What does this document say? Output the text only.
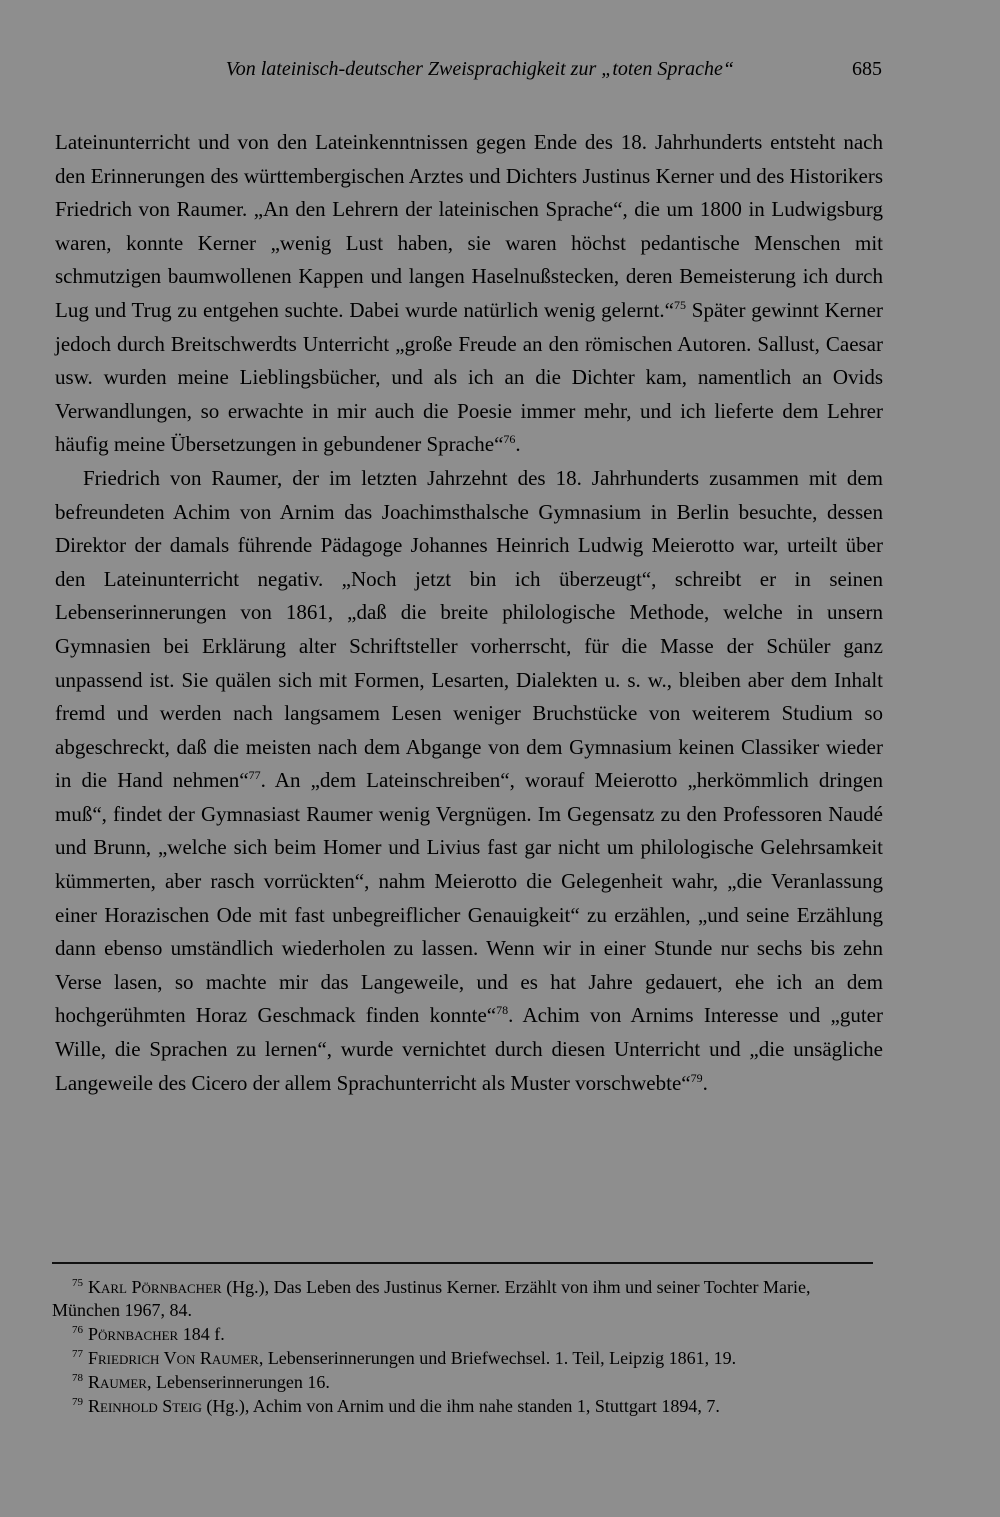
Von lateinisch-deutscher Zweisprachigkeit zur „toten Sprache“	685

Lateinunterricht und von den Lateinkenntnissen gegen Ende des 18. Jahrhunderts entsteht nach den Erinnerungen des württembergischen Arztes und Dichters Justinus Kerner und des Historikers Friedrich von Raumer. „An den Lehrern der lateinischen Sprache“, die um 1800 in Ludwigsburg waren, konnte Kerner „wenig Lust haben, sie waren höchst pedantische Menschen mit schmutzigen baumwollenen Kappen und langen Haselnußstecken, deren Bemeisterung ich durch Lug und Trug zu entgehen suchte. Dabei wurde natürlich wenig gelernt.“$^{75}$ Später gewinnt Kerner jedoch durch Breitschwerdts Unterricht „große Freude an den römischen Autoren. Sallust, Caesar usw. wurden meine Lieblingsbücher, und als ich an die Dichter kam, namentlich an Ovids Verwandlungen, so erwachte in mir auch die Poesie immer mehr, und ich lieferte dem Lehrer häufig meine Übersetzungen in gebundener Sprache“$^{76}$.

Friedrich von Raumer, der im letzten Jahrzehnt des 18. Jahrhunderts zusammen mit dem befreundeten Achim von Arnim das Joachimsthalsche Gymnasium in Berlin besuchte, dessen Direktor der damals führende Pädagoge Johannes Heinrich Ludwig Meierotto war, urteilt über den Lateinunterricht negativ. „Noch jetzt bin ich überzeugt“, schreibt er in seinen Lebenserinnerungen von 1861, „daß die breite philologische Methode, welche in unsern Gymnasien bei Erklärung alter Schriftsteller vorherrscht, für die Masse der Schüler ganz unpassend ist. Sie quälen sich mit Formen, Lesarten, Dialekten u. s. w., bleiben aber dem Inhalt fremd und werden nach langsamem Lesen weniger Bruchstücke von weiterem Studium so abgeschreckt, daß die meisten nach dem Abgange von dem Gymnasium keinen Classiker wieder in die Hand nehmen“$^{77}$. An „dem Lateinschreiben“, worauf Meierotto „herkömmlich dringen muß“, findet der Gymnasiast Raumer wenig Vergnügen. Im Gegensatz zu den Professoren Naudé und Brunn, „welche sich beim Homer und Livius fast gar nicht um philologische Gelehrsamkeit kümmerten, aber rasch vorrückten“, nahm Meierotto die Gelegenheit wahr, „die Veranlassung einer Horazischen Ode mit fast unbegreiflicher Genauigkeit“ zu erzählen, „und seine Erzählung dann ebenso umständlich wiederholen zu lassen. Wenn wir in einer Stunde nur sechs bis zehn Verse lasen, so machte mir das Langeweile, und es hat Jahre gedauert, ehe ich an dem hochgerühmten Horaz Geschmack finden konnte“$^{78}$. Achim von Arnims Interesse und „guter Wille, die Sprachen zu lernen“, wurde vernichtet durch diesen Unterricht und „die unsägliche Langeweile des Cicero der allem Sprachunterricht als Muster vorschwebte“$^{79}$.

$^{75}$ Karl Pörnbacher (Hg.), Das Leben des Justinus Kerner. Erzählt von ihm und seiner Tochter Marie, München 1967, 84.

$^{76}$ Pörnbacher 184 f.

$^{77}$ Friedrich Von Raumer, Lebenserinnerungen und Briefwechsel. 1. Teil, Leipzig 1861, 19.

$^{78}$ Raumer, Lebenserinnerungen 16.

$^{79}$ Reinhold Steig (Hg.), Achim von Arnim und die ihm nahe standen 1, Stuttgart 1894, 7.
